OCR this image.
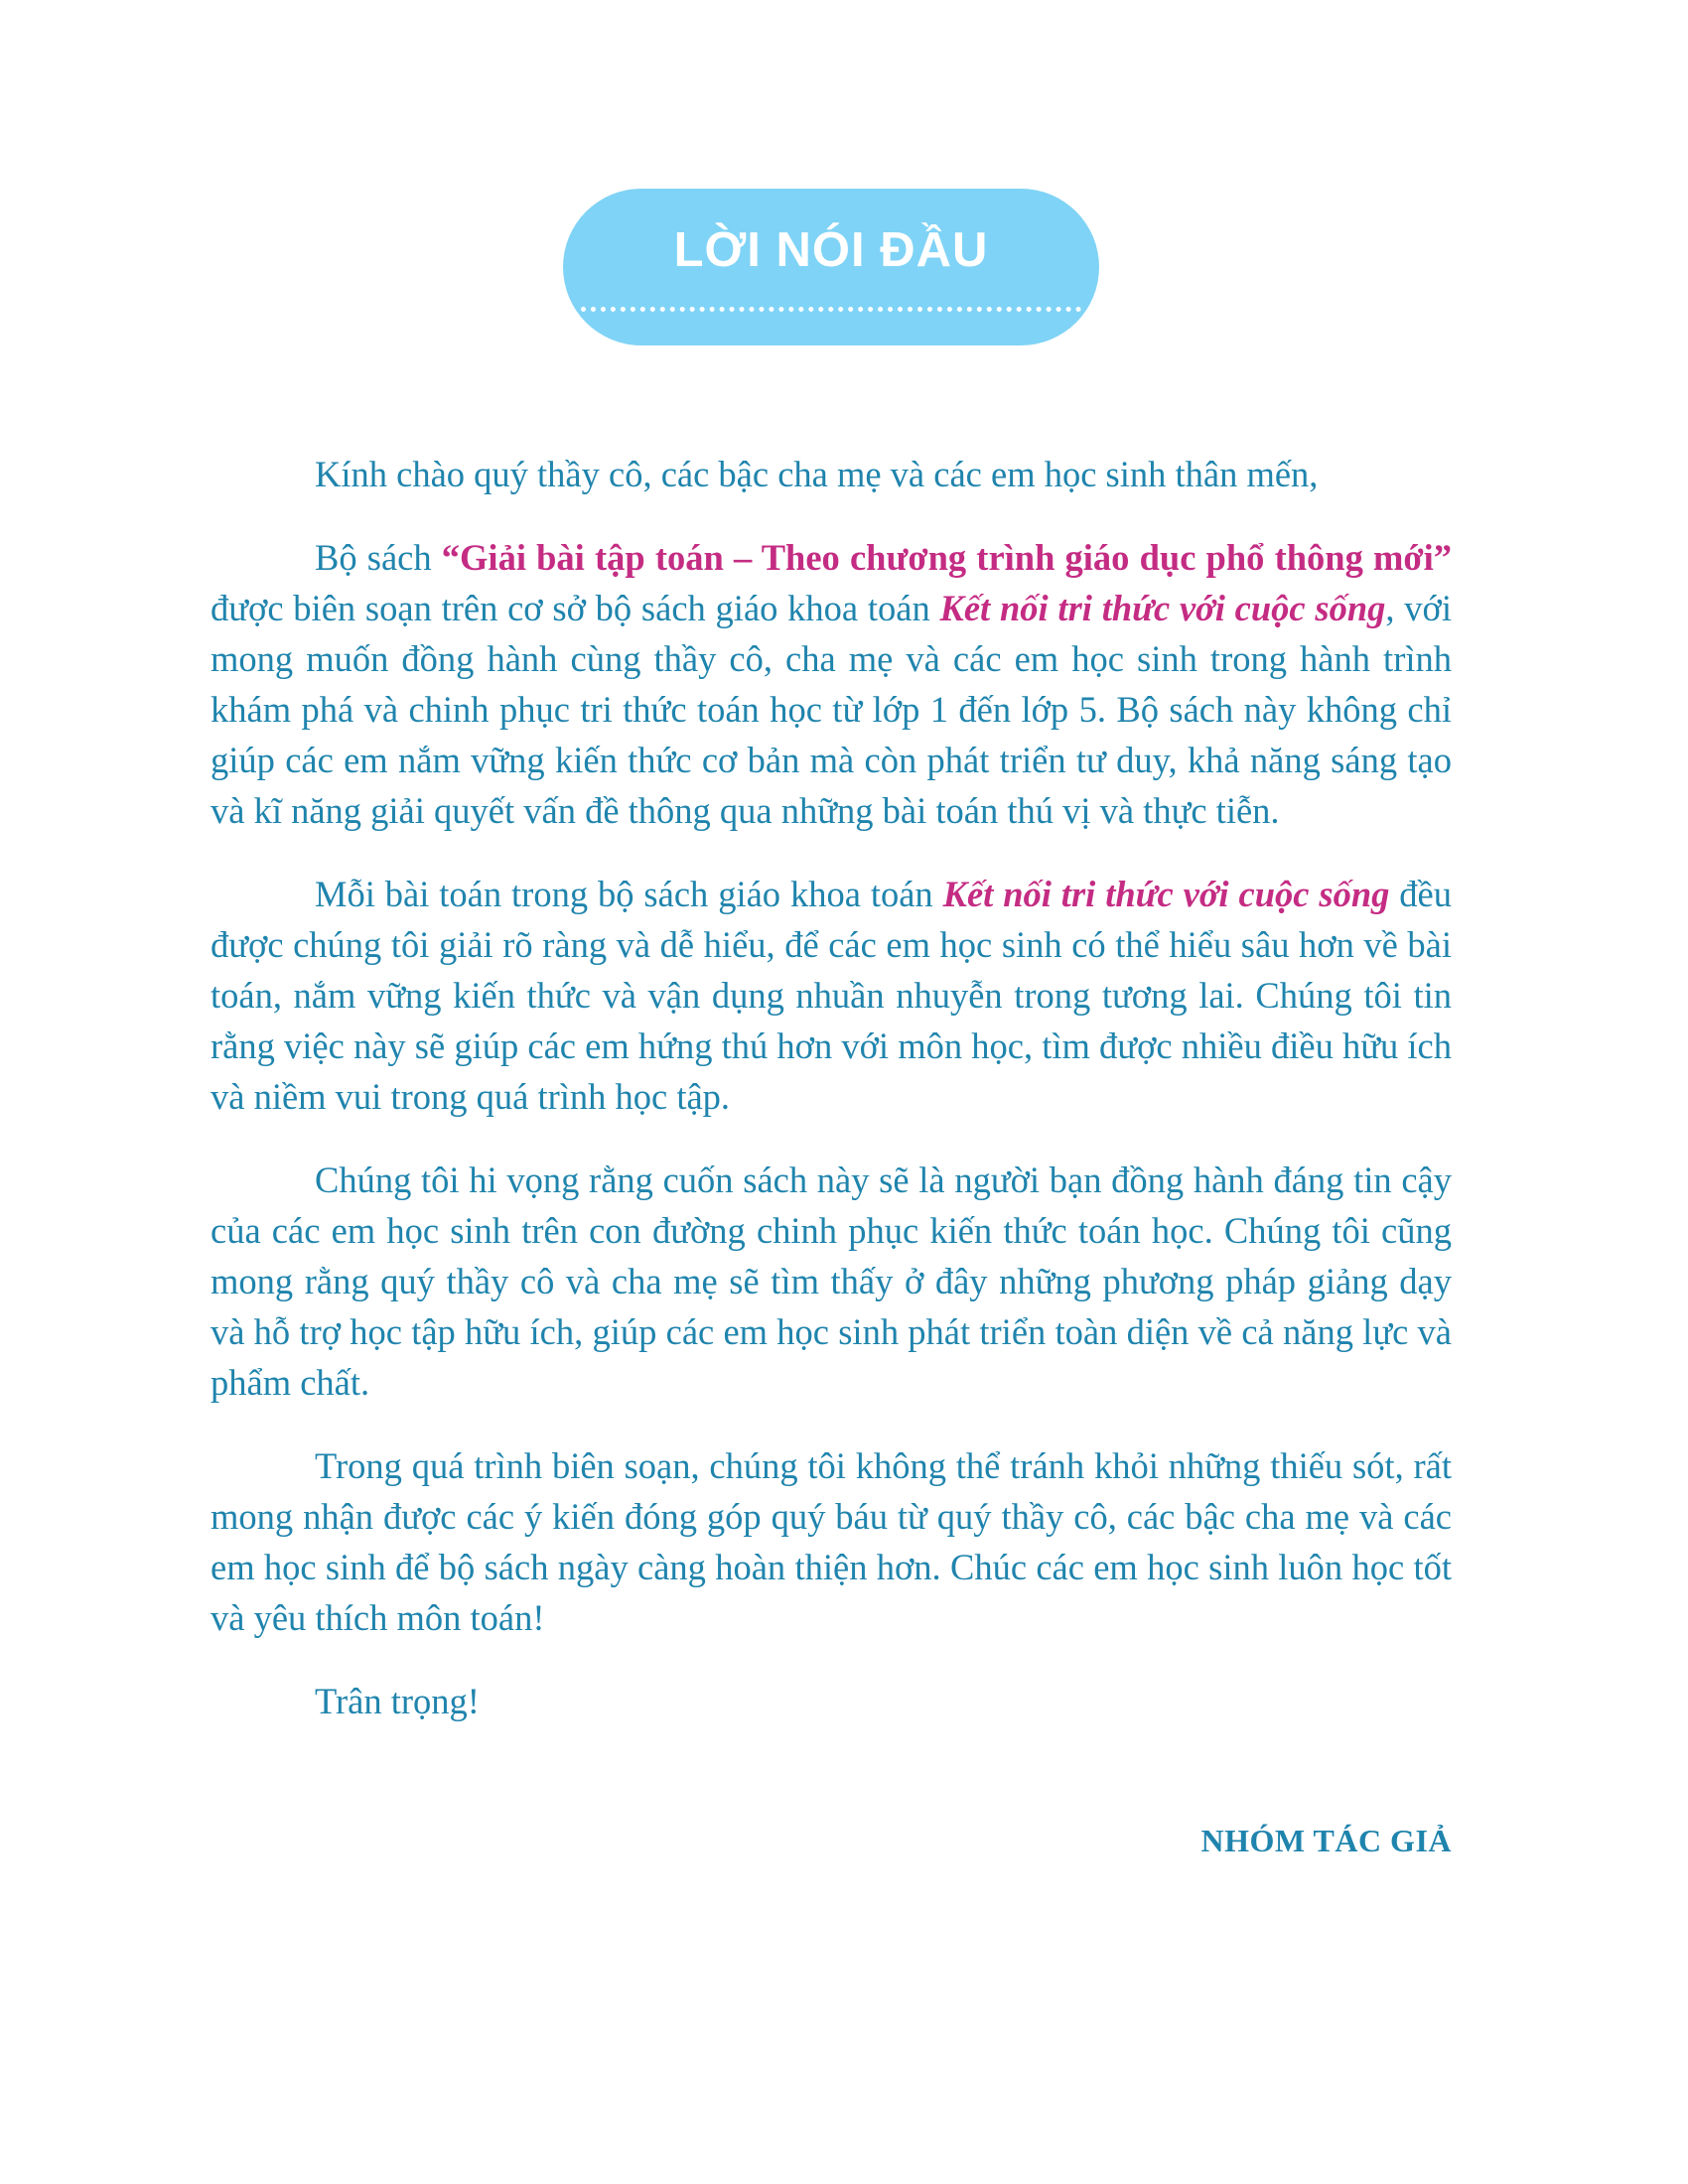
LỜI NÓI ĐẦU

Kính chào quý thầy cô, các bậc cha mẹ và các em học sinh thân mến,

Bộ sách “Giải bài tập toán – Theo chương trình giáo dục phổ thông mới” được biên soạn trên cơ sở bộ sách giáo khoa toán Kết nối tri thức với cuộc sống, với mong muốn đồng hành cùng thầy cô, cha mẹ và các em học sinh trong hành trình khám phá và chinh phục tri thức toán học từ lớp 1 đến lớp 5. Bộ sách này không chỉ giúp các em nắm vững kiến thức cơ bản mà còn phát triển tư duy, khả năng sáng tạo và kĩ năng giải quyết vấn đề thông qua những bài toán thú vị và thực tiễn.

Mỗi bài toán trong bộ sách giáo khoa toán Kết nối tri thức với cuộc sống đều được chúng tôi giải rõ ràng và dễ hiểu, để các em học sinh có thể hiểu sâu hơn về bài toán, nắm vững kiến thức và vận dụng nhuần nhuyễn trong tương lai. Chúng tôi tin rằng việc này sẽ giúp các em hứng thú hơn với môn học, tìm được nhiều điều hữu ích và niềm vui trong quá trình học tập.

Chúng tôi hi vọng rằng cuốn sách này sẽ là người bạn đồng hành đáng tin cậy của các em học sinh trên con đường chinh phục kiến thức toán học. Chúng tôi cũng mong rằng quý thầy cô và cha mẹ sẽ tìm thấy ở đây những phương pháp giảng dạy và hỗ trợ học tập hữu ích, giúp các em học sinh phát triển toàn diện về cả năng lực và phẩm chất.

Trong quá trình biên soạn, chúng tôi không thể tránh khỏi những thiếu sót, rất mong nhận được các ý kiến đóng góp quý báu từ quý thầy cô, các bậc cha mẹ và các em học sinh để bộ sách ngày càng hoàn thiện hơn. Chúc các em học sinh luôn học tốt và yêu thích môn toán!

Trân trọng!

NHÓM TÁC GIẢ
